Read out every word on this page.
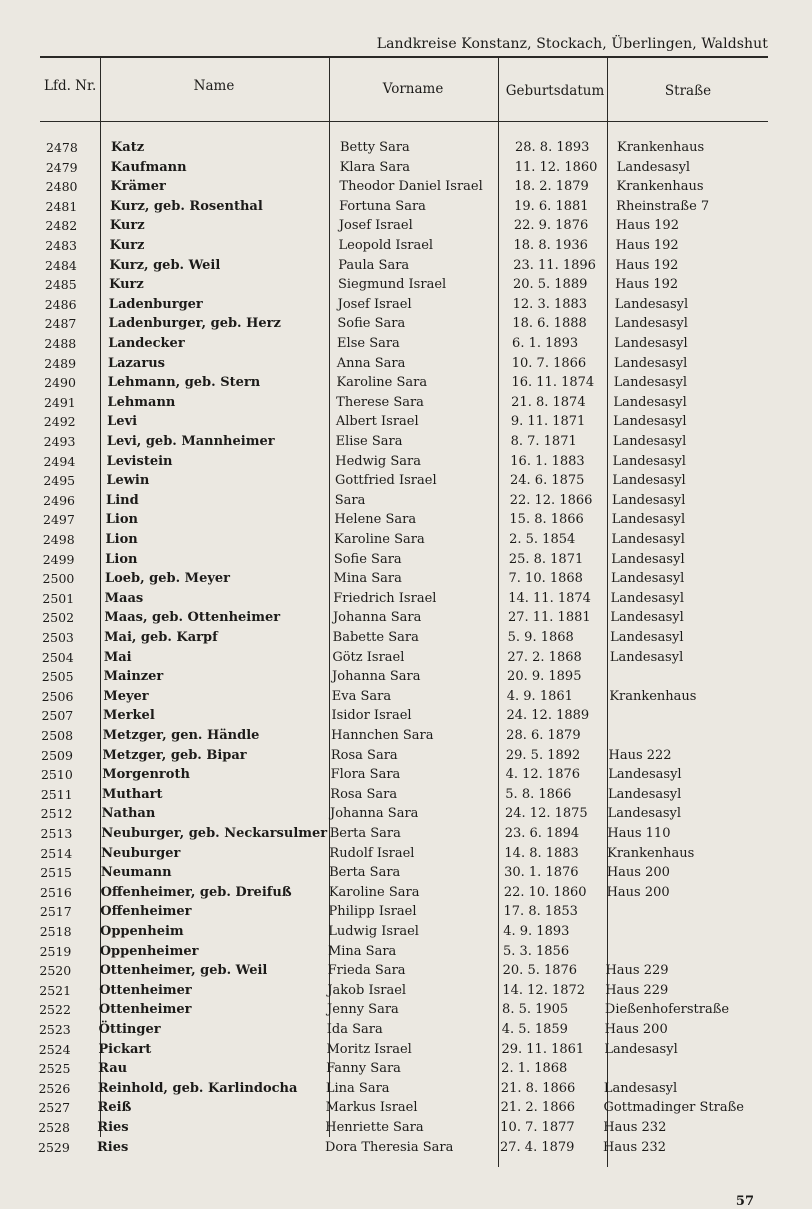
Landkreise Konstanz, Stockach, Überlingen, Waldshut
Lfd. Nr.	Name	Vorname	Geburtsdatum	Straße
2478	Katz	Betty Sara	28. 8. 1893 Krankenhaus
2479	Kaufmann	Klara Sara	11. 12. 1860 Landesasyl
2480	Krämer	Theodor Daniel Israel 18. 2. 1879 Krankenhaus
2481	Kurz, geb. Rosenthal	Fortuna Sara	19. 6. 1881 Rheinstraße 7
2482	Kurz	Josef Israel	22. 9. 1876 Haus 192
2483	Kurz	Leopold Israel	18. 8. 1936 Haus 192
2484 Kurz, geb. Weil	Paula Sara	23. 11. 1896 Haus 192
2485 Kurz	Siegmund Israel	20. 5. 1889 Haus 192
2486 Ladenburger	Josef Israel	12. 3. 1883 Landesasyl
2487 Ladenburger, geb. Herz	Sofie Sara	18. 6. 1888 Landesasyl
2488 Landecker	Else Sara	6. 1. 1893	Landesasyl
2489 Lazarus	Anna Sara	10. 7. 1866 Landesasyl
2490 Lehmann, geb. Stern	Karoline Sara	16. 11. 1874 Landesasyl
2491 Lehmann	Therese Sara	21. 8. 1874 Landesasyl
2492 Levi	Albert Israel	9. 11. 1871 Landesasyl
2493 Levi, geb. Mannheimer	Elise Sara	8. 7. 1871	Landesasyl
2494 Levistein	Hedwig Sara	16. 1. 1883 Landesasyl
2495 Lewin	Gottfried Israel	24. 6. 1875 Landesasyl
2496 Lind	Sara	22. 12. 1866 Landesasyl
2497 Lion	Helene Sara	15. 8. 1866 Landesasyl
2498 Lion	Karoline Sara	2. 5. 1854	Landesasyl
2499 Lion	Sofie Sara	25. 8. 1871 Landesasyl
2500 Loeb, geb. Meyer	Mina Sara	7. 10. 1868 Landesasyl
2501 Maas	Friedrich Israel	14. 11. 1874 Landesasyl
2502 Maas, geb. Ottenheimer	Johanna Sara	27. 11. 1881 Landesasyl
2503 Mai, geb. Karpf	Babette Sara	5. 9. 1868	Landesasyl
2504 Mai	Götz Israel	27. 2. 1868 Landesasyl
2505 Mainzer	Johanna Sara	20. 9. 1895
2506 Meyer	Eva Sara	4. 9. 1861	Krankenhaus
2507 Merkel	Isidor Israel	24. 12. 1889
2508 Metzger, gen. Händle	Hannchen Sara	28. 6. 1879
2509 Metzger, geb. Bipar	Rosa Sara	29. 5. 1892 Haus 222
2510 Morgenroth	Flora Sara	4. 12. 1876 Landesasyl
2511 Muthart	Rosa Sara	5. 8. 1866	Landesasyl
2512 Nathan	Johanna Sara	24. 12. 1875 Landesasyl
2513 Neuburger, geb. Neckarsulmer Berta Sara	23. 6. 1894 Haus 110
2514 Neuburger	Rudolf Israel	14. 8. 1883 Krankenhaus
2515 Neumann	Berta Sara	30. 1. 1876 Haus 200
2516 Offenheimer, geb. Dreifuß	Karoline Sara	22. 10. 1860 Haus 200
2517 Offenheimer	Philipp Israel	17. 8. 1853
2518 Oppenheim	Ludwig Israel	4. 9. 1893
2519 Oppenheimer	Mina Sara	5. 3. 1856
2520 Ottenheimer, geb. Weil	Frieda Sara	20. 5. 1876 Haus 229
2521 Ottenheimer	Jakob Israel	14. 12. 1872 Haus 229
2522 Ottenheimer	Jenny Sara	8. 5. 1905	Dießenhoferstraße
2523 Öttinger	Ida Sara	4. 5. 1859	Haus 200
2524 Pickart	Moritz Israel	29. 11. 1861 Landesasyl
2525 Rau	Fanny Sara	2. 1. 1868
2526 Reinhold, geb. Karlindocha Lina Sara	21. 8. 1866 Landesasyl
2527 Reiß	Markus Israel	21. 2. 1866 Gottmadinger Straße
2528 Ries	Henriette Sara	10. 7. 1877 Haus 232
2529 Ries	Dora Theresia Sara	27. 4. 1879 Haus 232
57
